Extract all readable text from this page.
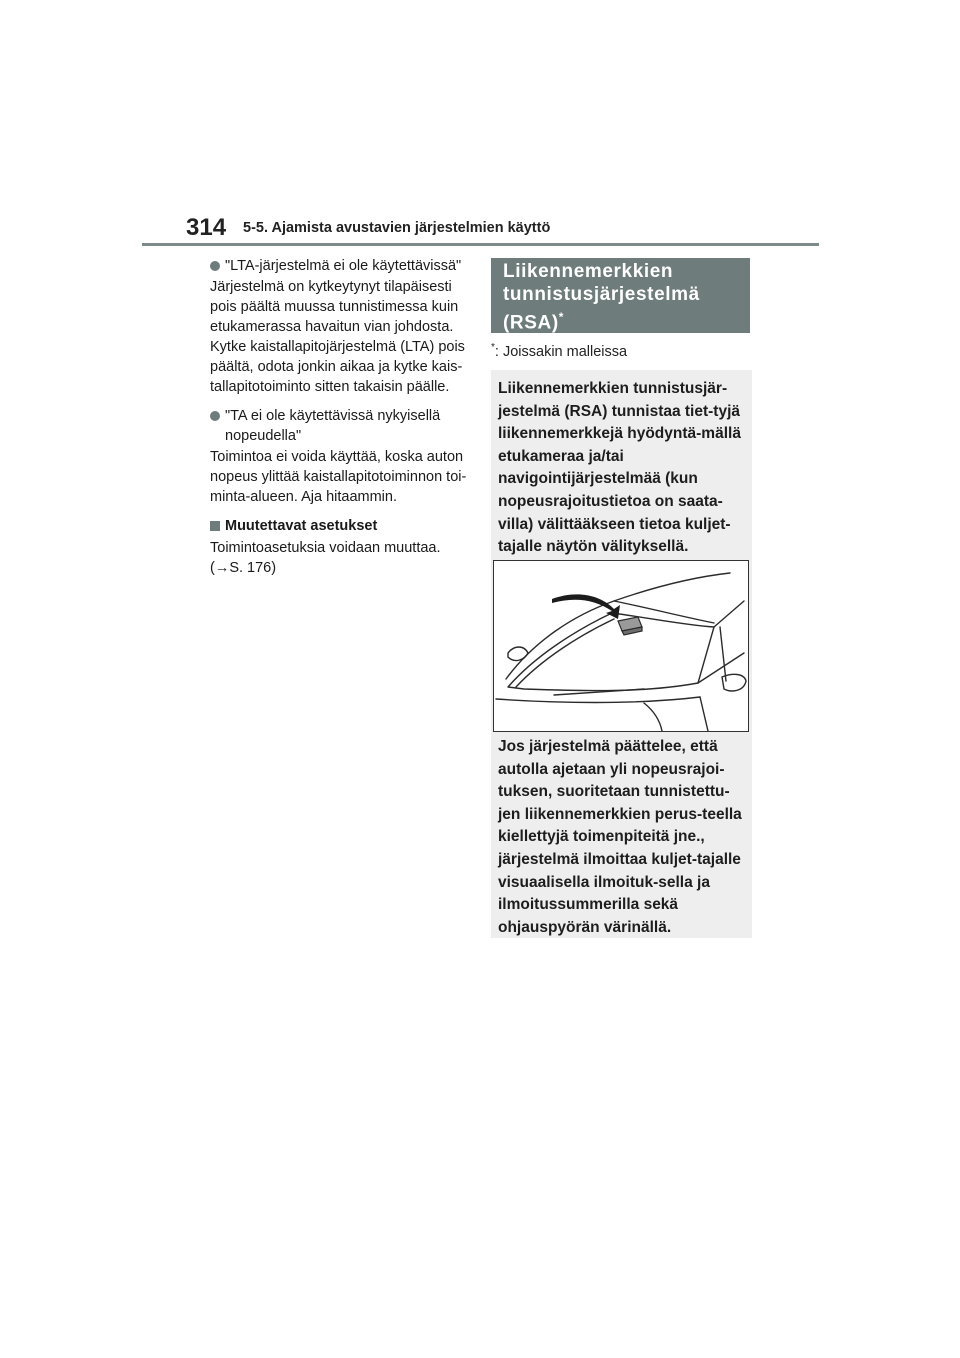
314 5-5. Ajamista avustavien järjestelmien käyttö
"LTA-järjestelmä ei ole käytettävissä"

Järjestelmä on kytkeytynyt tilapäisesti pois päältä muussa tunnistimessa kuin etukamerassa havaitun vian johdosta. Kytke kaistallapitojärjestelmä (LTA) pois päältä, odota jonkin aikaa ja kytke kais-tallapitotoiminto sitten takaisin päälle.

"TA ei ole käytettävissä nykyisellä nopeudella"

Toimintoa ei voida käyttää, koska auton nopeus ylittää kaistallapitotoiminnon toi-minta-alueen. Aja hitaammin.

Muutettavat asetukset

Toimintoasetuksia voidaan muuttaa.

(→S. 176)

Liikennemerkkien tunnistusjärjestelmä (RSA)*
*: Joissakin malleissa
Liikennemerkkien tunnistusjär-jestelmä (RSA) tunnistaa tiet-tyjä liikennemerkkejä hyödyntä-mällä etukameraa ja/tai navigointijärjestelmää (kun nopeusrajoitustietoa on saata-villa) välittääkseen tietoa kuljet-tajalle näytön välityksellä.
Jos järjestelmä päättelee, että autolla ajetaan yli nopeusrajoi-tuksen, suoritetaan tunnistettu-jen liikennemerkkien perus-teella kiellettyjä toimenpiteitä jne., järjestelmä ilmoittaa kuljet-tajalle visuaalisella ilmoituk-sella ja ilmoitussummerilla sekä ohjauspyörän värinällä.
